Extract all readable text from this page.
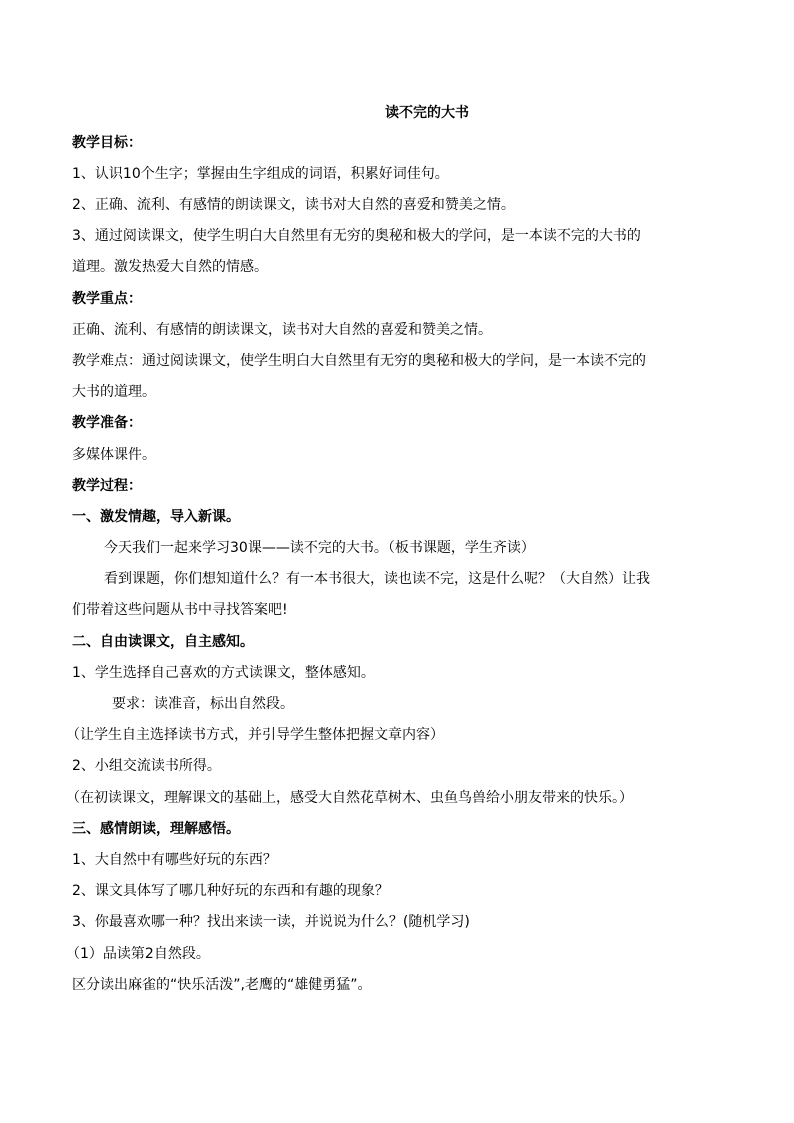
读不完的大书
教学目标：
1、认识10个生字；掌握由生字组成的词语，积累好词佳句。
2、正确、流利、有感情的朗读课文，读书对大自然的喜爱和赞美之情。
3、通过阅读课文，使学生明白大自然里有无穷的奥秘和极大的学问，是一本读不完的大书的
道理。激发热爱大自然的情感。
教学重点：
正确、流利、有感情的朗读课文，读书对大自然的喜爱和赞美之情。
教学难点：通过阅读课文，使学生明白大自然里有无穷的奥秘和极大的学问，是一本读不完的
大书的道理。
教学准备：
多媒体课件。
教学过程：
一、激发情趣，导入新课。
今天我们一起来学习30课——读不完的大书。（板书课题，学生齐读）
看到课题，你们想知道什么？有一本书很大，读也读不完，这是什么呢？（大自然）让我
们带着这些问题从书中寻找答案吧!
二、自由读课文，自主感知。
1、学生选择自己喜欢的方式读课文，整体感知。
要求：读准音，标出自然段。
（让学生自主选择读书方式，并引导学生整体把握文章内容）
2、小组交流读书所得。
（在初读课文，理解课文的基础上，感受大自然花草树木、虫鱼鸟兽给小朋友带来的快乐。）
三、感情朗读，理解感悟。
1、大自然中有哪些好玩的东西？
2、课文具体写了哪几种好玩的东西和有趣的现象？
3、你最喜欢哪一种？找出来读一读，并说说为什么？(随机学习)
（1）品读第2自然段。
区分读出麻雀的“快乐活泼”,老鹰的“雄健勇猛”。
